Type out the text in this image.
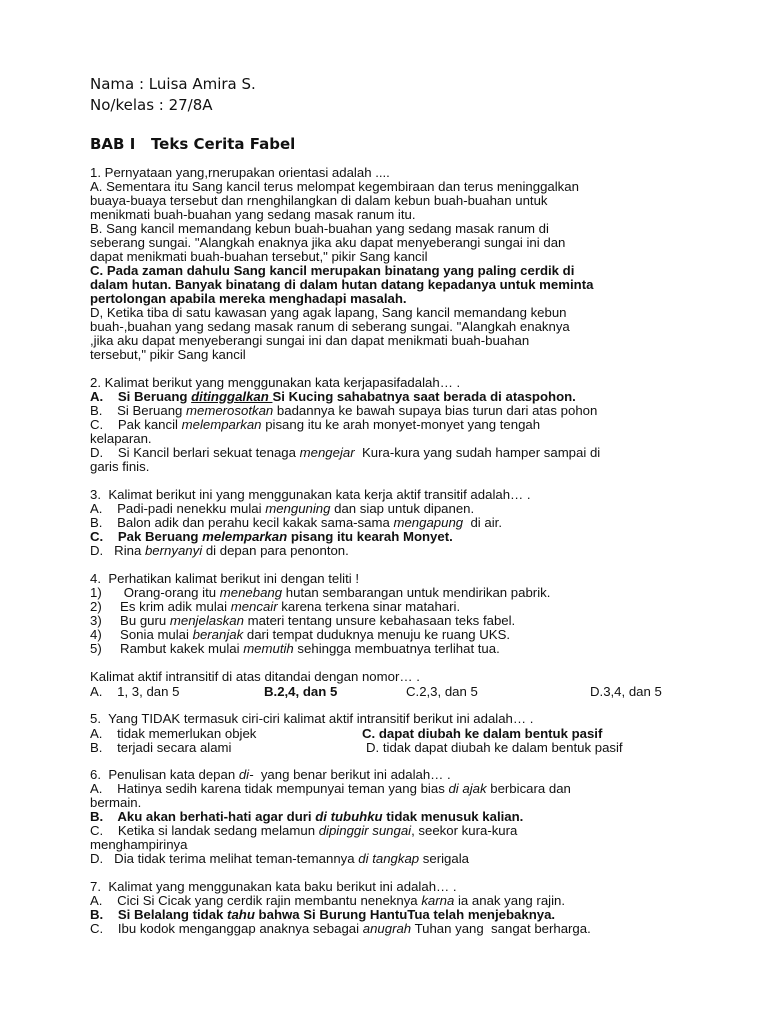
Nama : Luisa Amira S.
No/kelas : 27/8A
BAB I   Teks Cerita Fabel
1. Pernyataan yang,rnerupakan orientasi adalah ....
A. Sementara itu Sang kancil terus melompat kegembiraan dan terus meninggalkan
buaya-buaya tersebut dan rnenghilangkan di dalam kebun buah-buahan untuk
menikmati buah-buahan yang sedang masak ranum itu.
B. Sang kancil memandang kebun buah-buahan yang sedang masak ranum di
seberang sungai. "Alangkah enaknya jika aku dapat menyeberangi sungai ini dan
dapat menikmati buah-buahan tersebut," pikir Sang kancil
C. Pada zaman dahulu Sang kancil merupakan binatang yang paling cerdik di
dalam hutan. Banyak binatang di dalam hutan datang kepadanya untuk meminta
pertolongan apabila mereka menghadapi masalah.
D, Ketika tiba di satu kawasan yang agak lapang, Sang kancil memandang kebun
buah-,buahan yang sedang masak ranum di seberang sungai. "Alangkah enaknya
,jika aku dapat menyeberangi sungai ini dan dapat menikmati buah-buahan
tersebut," pikir Sang kancil
2. Kalimat berikut yang menggunakan kata kerjapasifadalah… .
A.    Si Beruang ditinggalkan Si Kucing sahabatnya saat berada di ataspohon.
B.    Si Beruang memerosotkan badannya ke bawah supaya bias turun dari atas pohon
C.    Pak kancil melemparkan pisang itu ke arah monyet-monyet yang tengah
kelaparan.
D.    Si Kancil berlari sekuat tenaga mengejar  Kura-kura yang sudah hamper sampai di
garis finis.
3.  Kalimat berikut ini yang menggunakan kata kerja aktif transitif adalah… .
A.    Padi-padi nenekku mulai menguning dan siap untuk dipanen.
B.    Balon adik dan perahu kecil kakak sama-sama mengapung  di air.
C.    Pak Beruang melemparkan pisang itu kearah Monyet.
D.   Rina bernyanyi di depan para penonton.
4.  Perhatikan kalimat berikut ini dengan teliti !
1)      Orang-orang itu menebang hutan sembarangan untuk mendirikan pabrik.
2)     Es krim adik mulai mencair karena terkena sinar matahari.
3)     Bu guru menjelaskan materi tentang unsure kebahasaan teks fabel.
4)     Sonia mulai beranjak dari tempat duduknya menuju ke ruang UKS.
5)     Rambut kakek mulai memutih sehingga membuatnya terlihat tua.
Kalimat aktif intransitif di atas ditandai dengan nomor… .
A.    1, 3, dan 5	B.2,4, dan 5	C.2,3, dan 5	D.3,4, dan 5
5.  Yang TIDAK termasuk ciri-ciri kalimat aktif intransitif berikut ini adalah… .
A.    tidak memerlukan objek	C. dapat diubah ke dalam bentuk pasif
B.    terjadi secara alami	D. tidak dapat diubah ke dalam bentuk pasif
6.  Penulisan kata depan di-  yang benar berikut ini adalah… .
A.    Hatinya sedih karena tidak mempunyai teman yang bias di ajak berbicara dan
bermain.
B.    Aku akan berhati-hati agar duri di tubuhku tidak menusuk kalian.
C.    Ketika si landak sedang melamun dipinggir sungai, seekor kura-kura
menghampirinya
D.   Dia tidak terima melihat teman-temannya di tangkap serigala
7.  Kalimat yang menggunakan kata baku berikut ini adalah… .
A.    Cici Si Cicak yang cerdik rajin membantu neneknya karna ia anak yang rajin.
B.    Si Belalang tidak tahu bahwa Si Burung HantuTua telah menjebaknya.
C.    Ibu kodok menganggap anaknya sebagai anugrah Tuhan yang  sangat berharga.
